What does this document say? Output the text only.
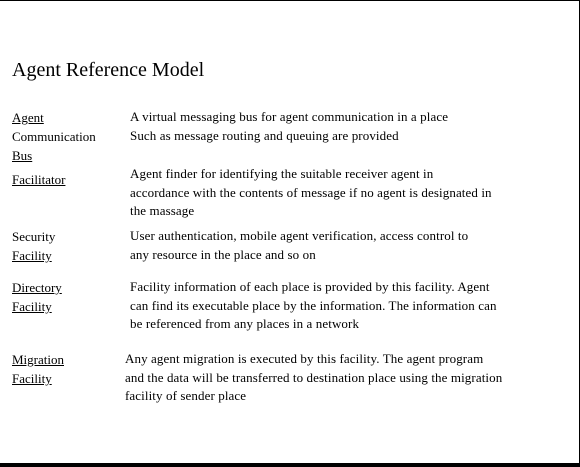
Agent Reference Model
Agent
Communication
Bus
A virtual messaging bus for agent communication in a place
Such as message routing and queuing are provided
Facilitator	Agent finder for identifying the suitable receiver agent in
accordance with the contents of message if no agent is designated in
the massage
Security
Facility
User authentication, mobile agent verification, access control to
any resource in the place and so on
Directory
Facility
Facility information of each place is provided by this facility. Agent
can find its executable place by the information. The information can
be referenced from any places in a network
Migration
Facility
Any agent migration is executed by this facility. The agent program
and the data will be transferred to destination place using the migration
facility of sender place
